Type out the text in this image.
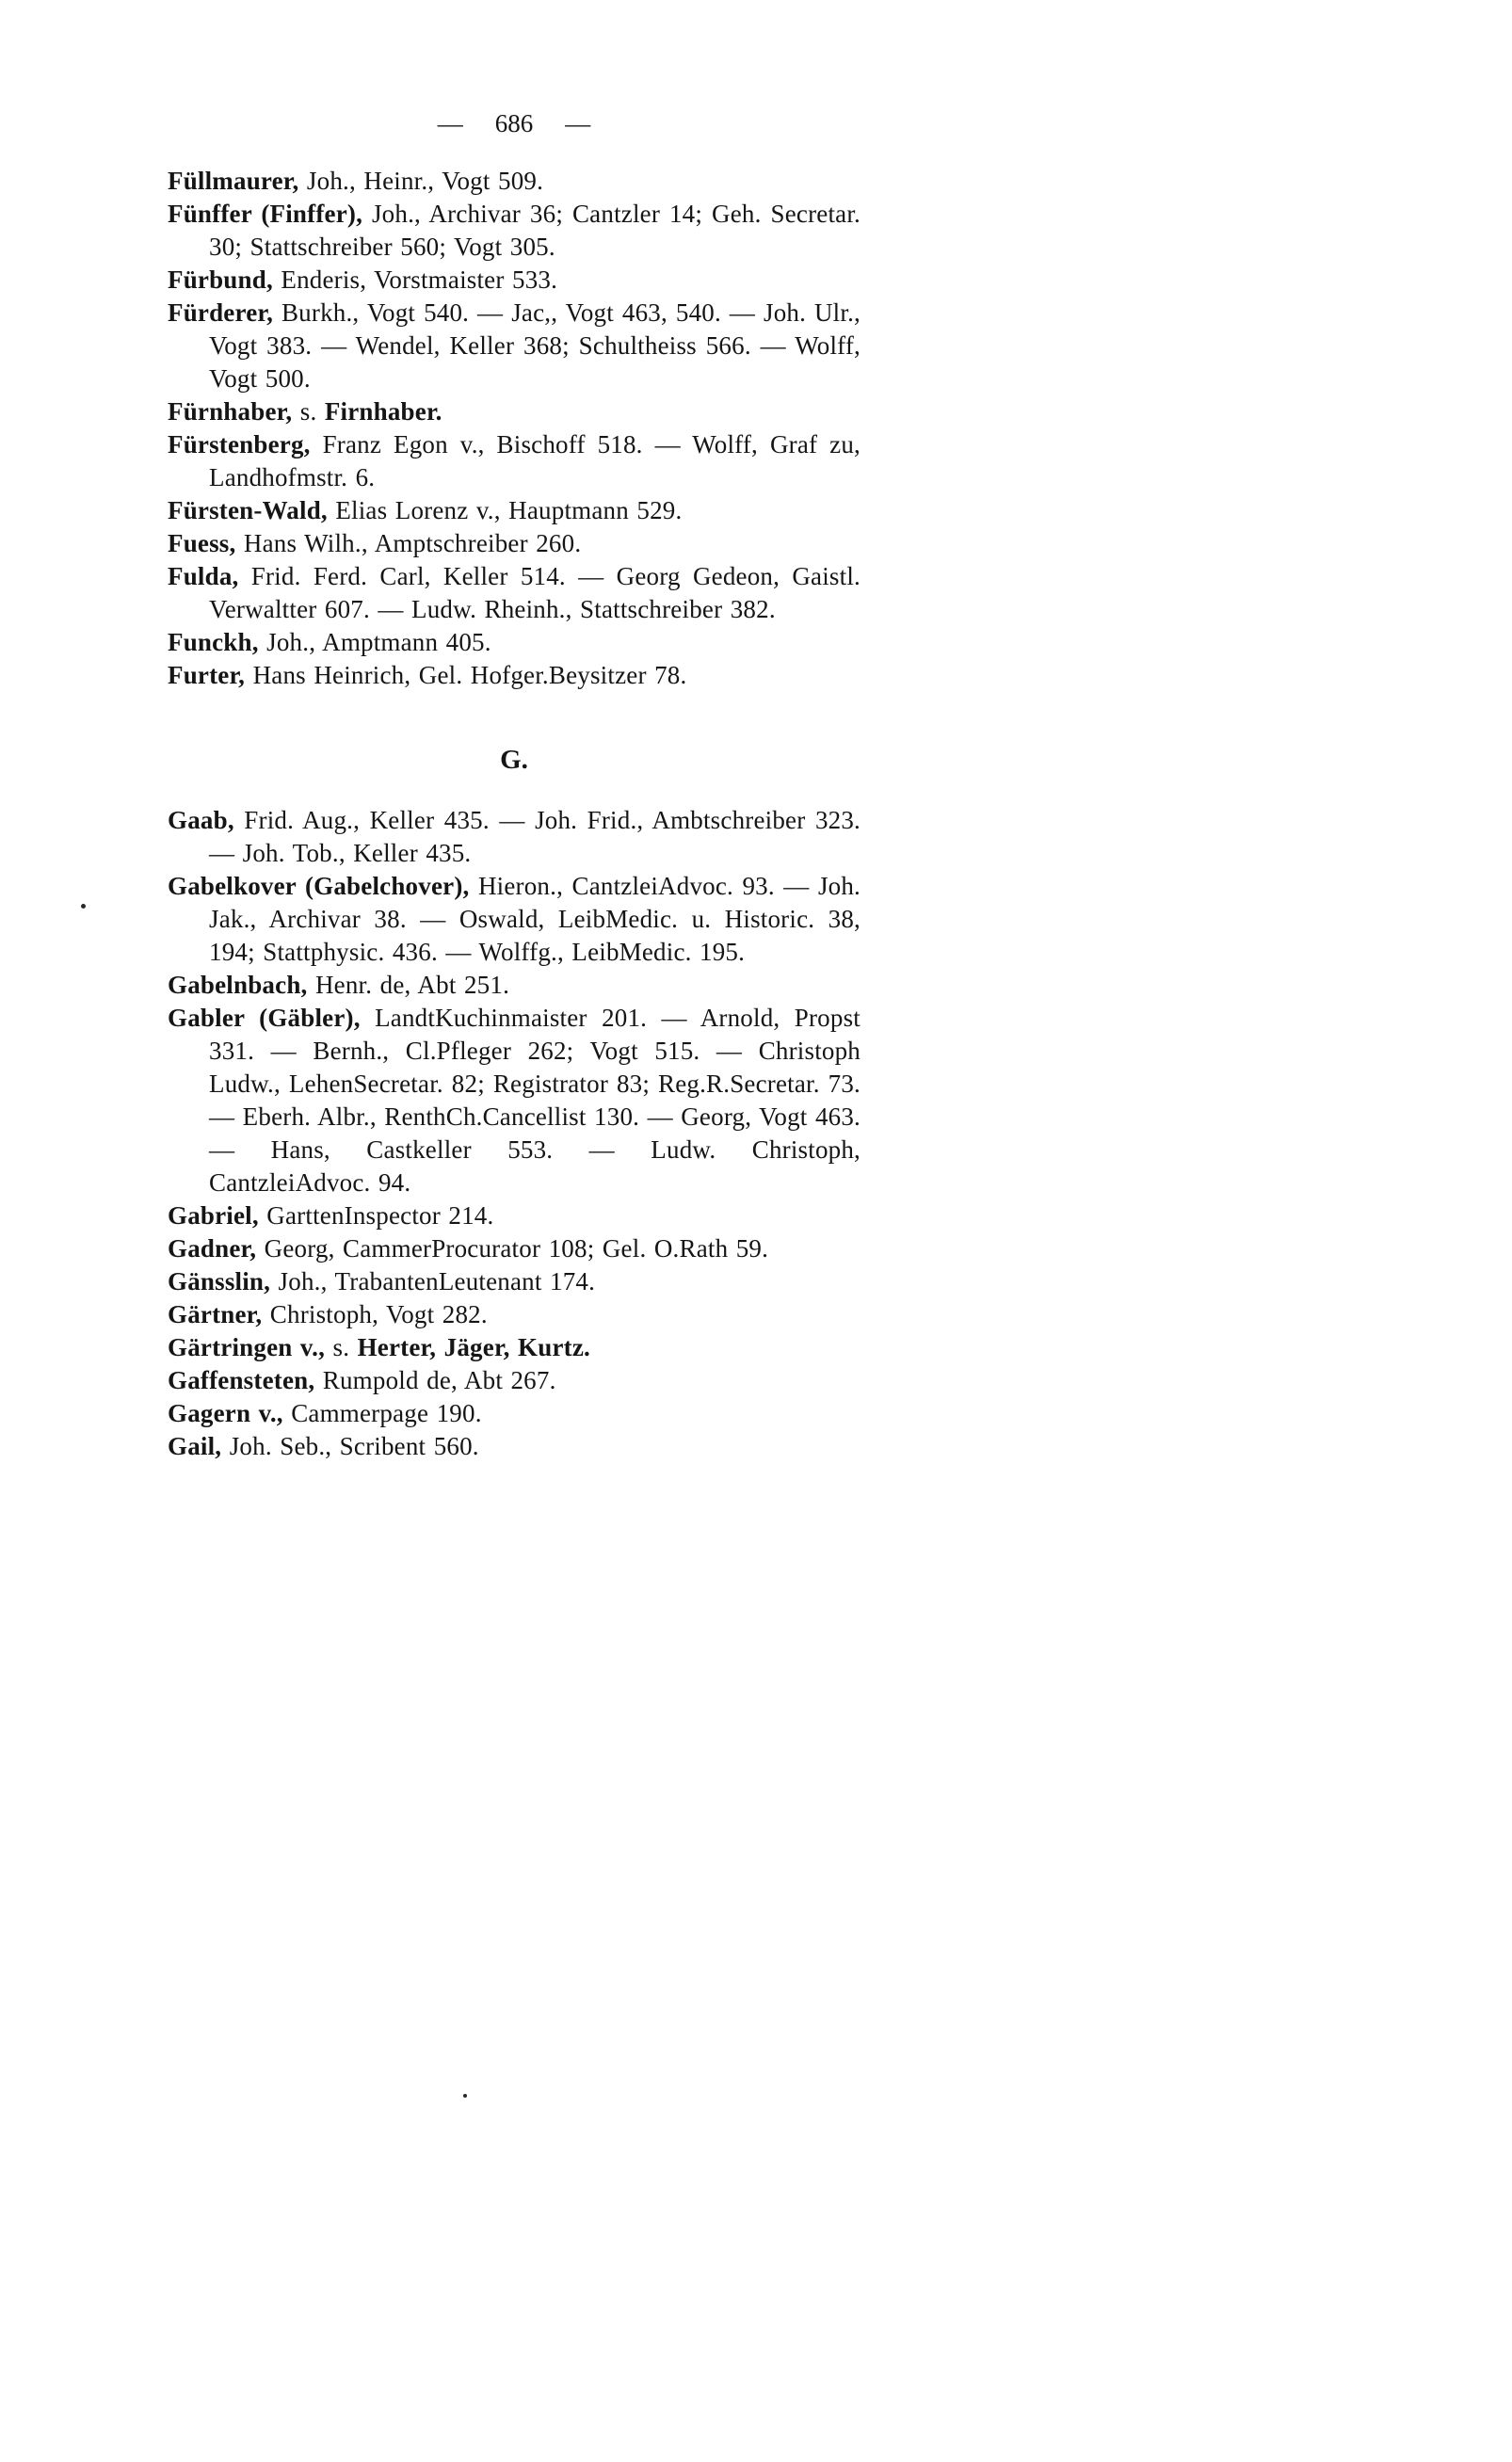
— 686 —

Füllmaurer, Joh., Heinr., Vogt 509.

Fünffer (Finffer), Joh., Archivar 36; Cantzler 14; Geh. Secretar. 30; Stattschreiber 560; Vogt 305.

Fürbund, Enderis, Vorstmaister 533.

Fürderer, Burkh., Vogt 540. — Jac,, Vogt 463, 540. — Joh. Ulr., Vogt 383. — Wendel, Keller 368; Schultheiss 566. — Wolff, Vogt 500.

Fürnhaber, s. Firnhaber.

Fürstenberg, Franz Egon v., Bischoff 518. — Wolff, Graf zu, Landhofmstr. 6.

Fürsten-Wald, Elias Lorenz v., Hauptmann 529.

Fuess, Hans Wilh., Amptschreiber 260.

Fulda, Frid. Ferd. Carl, Keller 514. — Georg Gedeon, Gaistl. Verwaltter 607. — Ludw. Rheinh., Stattschreiber 382.

Funckh, Joh., Amptmann 405.

Furter, Hans Heinrich, Gel. Hofger.Beysitzer 78.

G.

Gaab, Frid. Aug., Keller 435. — Joh. Frid., Ambtschreiber 323. — Joh. Tob., Keller 435.

Gabelkover (Gabelchover), Hieron., CantzleiAdvoc. 93. — Joh. Jak., Archivar 38. — Oswald, LeibMedic. u. Historic. 38, 194; Stattphysic. 436. — Wolffg., LeibMedic. 195.

Gabelnbach, Henr. de, Abt 251.

Gabler (Gäbler), LandtKuchinmaister 201. — Arnold, Propst 331. — Bernh., Cl.Pfleger 262; Vogt 515. — Christoph Ludw., LehenSecretar. 82; Registrator 83; Reg.R.Secretar. 73. — Eberh. Albr., RenthCh.Cancellist 130. — Georg, Vogt 463. — Hans, Castkeller 553. — Ludw. Christoph, CantzleiAdvoc. 94.

Gabriel, GarttenInspector 214.

Gadner, Georg, CammerProcurator 108; Gel. O.Rath 59.

Gänsslin, Joh., TrabantenLeutenant 174.

Gärtner, Christoph, Vogt 282.

Gärtringen v., s. Herter, Jäger, Kurtz.

Gaffensteten, Rumpold de, Abt 267.

Gagern v., Cammerpage 190.

Gail, Joh. Seb., Scribent 560.
